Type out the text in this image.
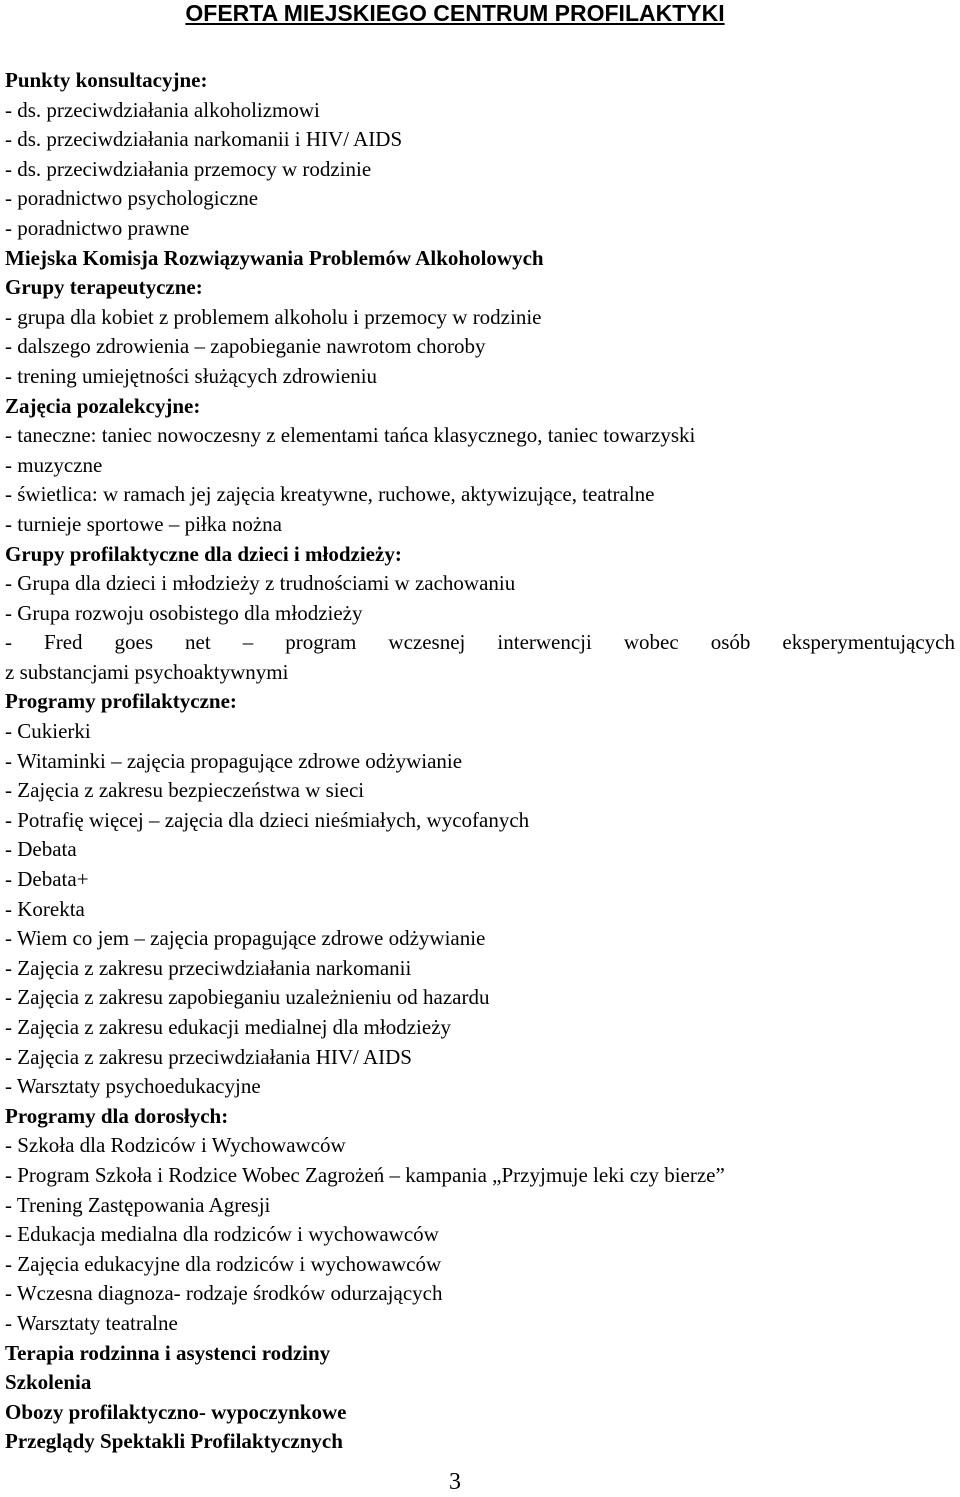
OFERTA MIEJSKIEGO CENTRUM PROFILAKTYKI
Punkty konsultacyjne:
- ds. przeciwdziałania alkoholizmowi
- ds. przeciwdziałania narkomanii i HIV/ AIDS
- ds. przeciwdziałania przemocy w rodzinie
- poradnictwo psychologiczne
- poradnictwo prawne
Miejska Komisja Rozwiązywania Problemów Alkoholowych
Grupy terapeutyczne:
- grupa dla kobiet z problemem alkoholu i przemocy w rodzinie
- dalszego zdrowienia – zapobieganie nawrotom choroby
- trening umiejętności służących zdrowieniu
Zajęcia pozalekcyjne:
- taneczne: taniec nowoczesny z elementami tańca klasycznego, taniec towarzyski
- muzyczne
- świetlica: w ramach jej zajęcia kreatywne, ruchowe, aktywizujące, teatralne
- turnieje sportowe – piłka nożna
Grupy profilaktyczne dla dzieci i młodzieży:
- Grupa dla dzieci i młodzieży z trudnościami w zachowaniu
- Grupa rozwoju osobistego dla młodzieży
- Fred goes net – program wczesnej interwencji wobec osób eksperymentujących
z substancjami psychoaktywnymi
Programy profilaktyczne:
- Cukierki
- Witaminki – zajęcia propagujące zdrowe odżywianie
- Zajęcia z zakresu bezpieczeństwa w sieci
- Potrafię więcej – zajęcia dla dzieci nieśmiałych, wycofanych
- Debata
- Debata+
- Korekta
- Wiem co jem – zajęcia propagujące zdrowe odżywianie
- Zajęcia z zakresu przeciwdziałania narkomanii
- Zajęcia z zakresu zapobieganiu uzależnieniu od hazardu
- Zajęcia z zakresu edukacji medialnej dla młodzieży
- Zajęcia z zakresu przeciwdziałania HIV/ AIDS
- Warsztaty psychoedukacyjne
Programy dla dorosłych:
- Szkoła dla Rodziców i Wychowawców
- Program Szkoła i Rodzice Wobec Zagrożeń – kampania „Przyjmuje leki czy bierze”
- Trening Zastępowania Agresji
- Edukacja medialna dla rodziców i wychowawców
- Zajęcia edukacyjne dla rodziców i wychowawców
- Wczesna diagnoza- rodzaje środków odurzających
- Warsztaty teatralne
Terapia rodzinna i asystenci rodziny
Szkolenia
Obozy profilaktyczno- wypoczynkowe
Przeglądy Spektakli Profilaktycznych
3
